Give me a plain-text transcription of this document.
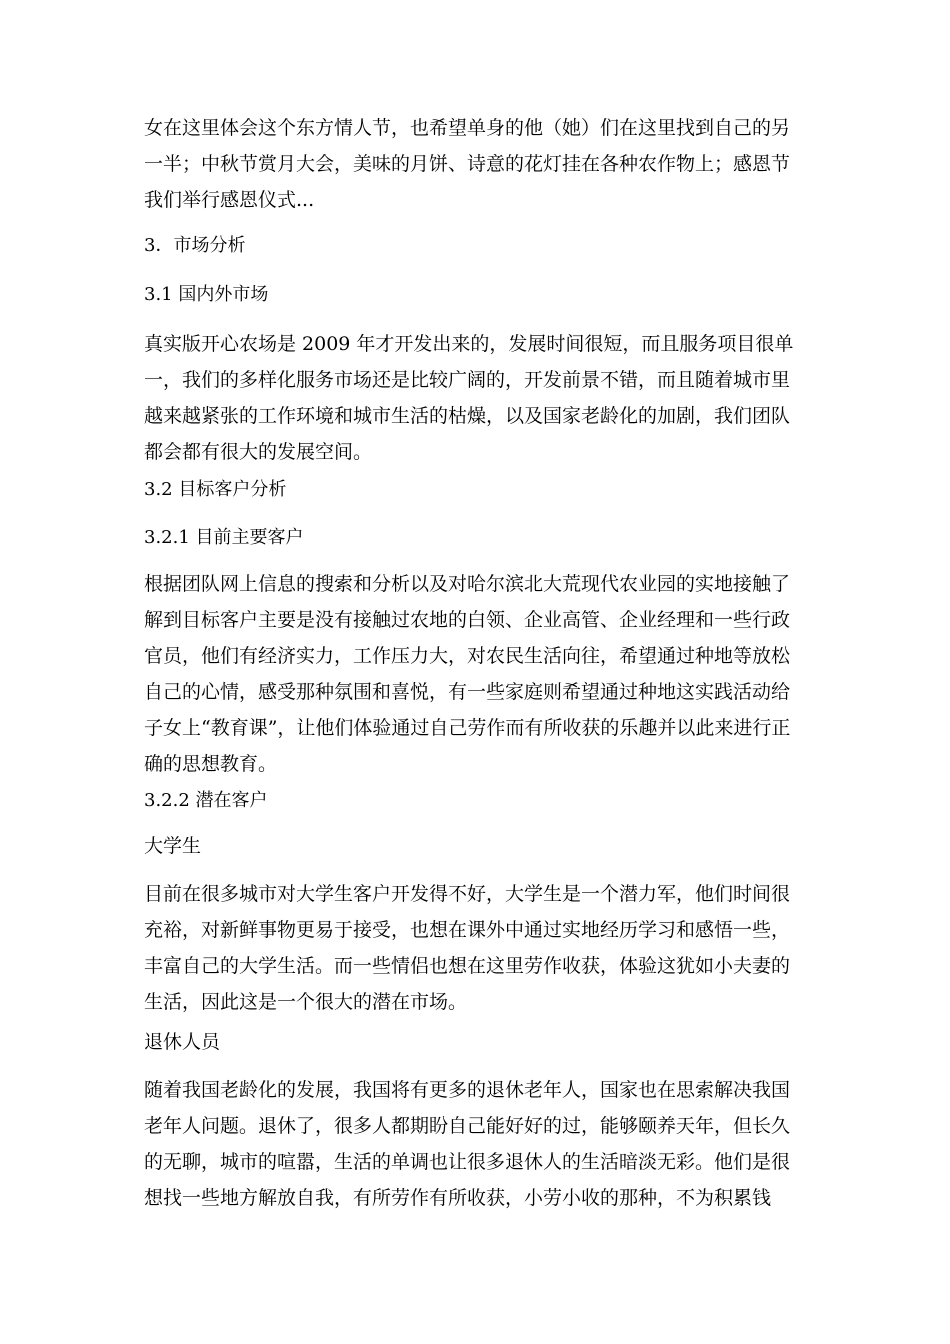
女在这里体会这个东方情人节，也希望单身的他（她）们在这里找到自己的另
一半；中秋节赏月大会，美味的月饼、诗意的花灯挂在各种农作物上；感恩节
我们举行感恩仪式...
3．市场分析
3.1 国内外市场
真实版开心农场是 2009 年才开发出来的，发展时间很短，而且服务项目很单
一，我们的多样化服务市场还是比较广阔的，开发前景不错，而且随着城市里
越来越紧张的工作环境和城市生活的枯燥，以及国家老龄化的加剧，我们团队
都会都有很大的发展空间。
3.2 目标客户分析
3.2.1 目前主要客户
根据团队网上信息的搜索和分析以及对哈尔滨北大荒现代农业园的实地接触了
解到目标客户主要是没有接触过农地的白领、企业高管、企业经理和一些行政
官员，他们有经济实力，工作压力大，对农民生活向往，希望通过种地等放松
自己的心情，感受那种氛围和喜悦，有一些家庭则希望通过种地这实践活动给
子女上“教育课”，让他们体验通过自己劳作而有所收获的乐趣并以此来进行正
确的思想教育。
3.2.2 潜在客户
大学生
目前在很多城市对大学生客户开发得不好，大学生是一个潜力军，他们时间很
充裕，对新鲜事物更易于接受，也想在课外中通过实地经历学习和感悟一些，
丰富自己的大学生活。而一些情侣也想在这里劳作收获，体验这犹如小夫妻的
生活，因此这是一个很大的潜在市场。
退休人员
随着我国老龄化的发展，我国将有更多的退休老年人，国家也在思索解决我国
老年人问题。退休了，很多人都期盼自己能好好的过，能够颐养天年，但长久
的无聊，城市的喧嚣，生活的单调也让很多退休人的生活暗淡无彩。他们是很
想找一些地方解放自我，有所劳作有所收获，小劳小收的那种，不为积累钱
